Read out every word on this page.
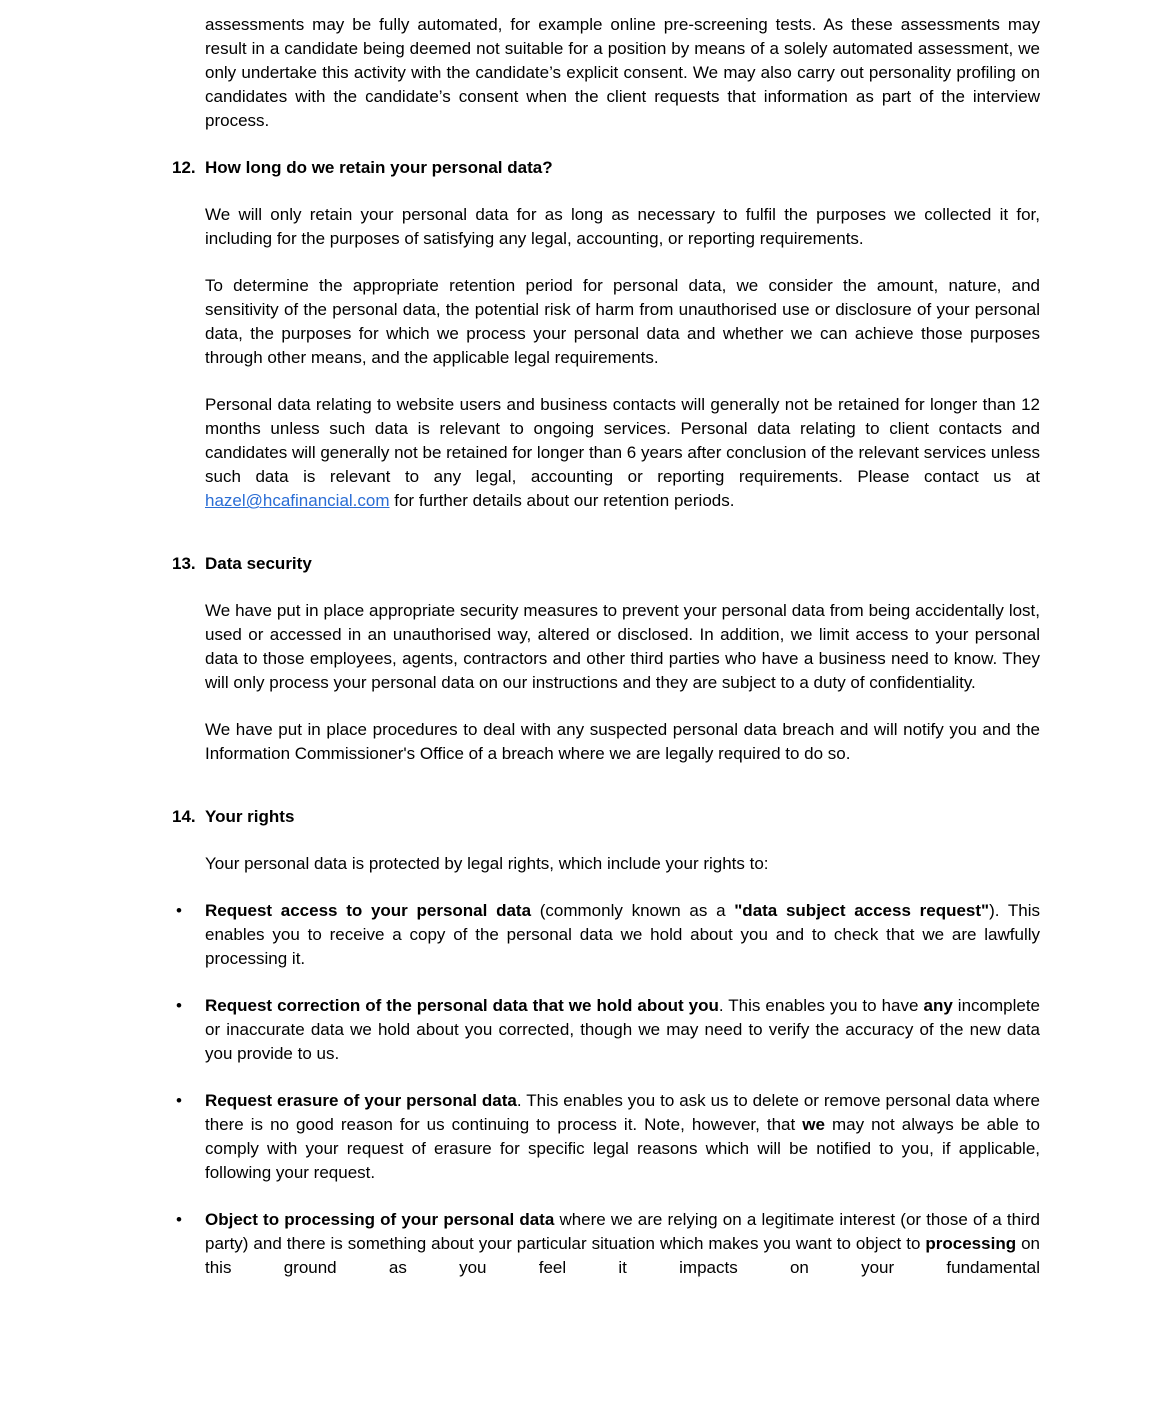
assessments may be fully automated, for example online pre-screening tests. As these assessments may result in a candidate being deemed not suitable for a position by means of a solely automated assessment, we only undertake this activity with the candidate’s explicit consent. We may also carry out personality profiling on candidates with the candidate’s consent when the client requests that information as part of the interview process.

12. How long do we retain your personal data?

We will only retain your personal data for as long as necessary to fulfil the purposes we collected it for, including for the purposes of satisfying any legal, accounting, or reporting requirements.

To determine the appropriate retention period for personal data, we consider the amount, nature, and sensitivity of the personal data, the potential risk of harm from unauthorised use or disclosure of your personal data, the purposes for which we process your personal data and whether we can achieve those purposes through other means, and the applicable legal requirements.

Personal data relating to website users and business contacts will generally not be retained for longer than 12 months unless such data is relevant to ongoing services. Personal data relating to client contacts and candidates will generally not be retained for longer than 6 years after conclusion of the relevant services unless such data is relevant to any legal, accounting or reporting requirements. Please contact us at hazel@hcafinancial.com for further details about our retention periods.

13. Data security

We have put in place appropriate security measures to prevent your personal data from being accidentally lost, used or accessed in an unauthorised way, altered or disclosed. In addition, we limit access to your personal data to those employees, agents, contractors and other third parties who have a business need to know. They will only process your personal data on our instructions and they are subject to a duty of confidentiality.

We have put in place procedures to deal with any suspected personal data breach and will notify you and the Information Commissioner's Office of a breach where we are legally required to do so.

14. Your rights

Your personal data is protected by legal rights, which include your rights to:

•	Request access to your personal data (commonly known as a "data subject access request"). This enables you to receive a copy of the personal data we hold about you and to check that we are lawfully processing it.

•	Request correction of the personal data that we hold about you. This enables you to have any incomplete or inaccurate data we hold about you corrected, though we may need to verify the accuracy of the new data you provide to us.

•	Request erasure of your personal data. This enables you to ask us to delete or remove personal data where there is no good reason for us continuing to process it. Note, however, that we may not always be able to comply with your request of erasure for specific legal reasons which will be notified to you, if applicable, following your request.

•	Object to processing of your personal data where we are relying on a legitimate interest (or those of a third party) and there is something about your particular situation which makes you want to object to processing on this ground as you feel it impacts on your fundamental
